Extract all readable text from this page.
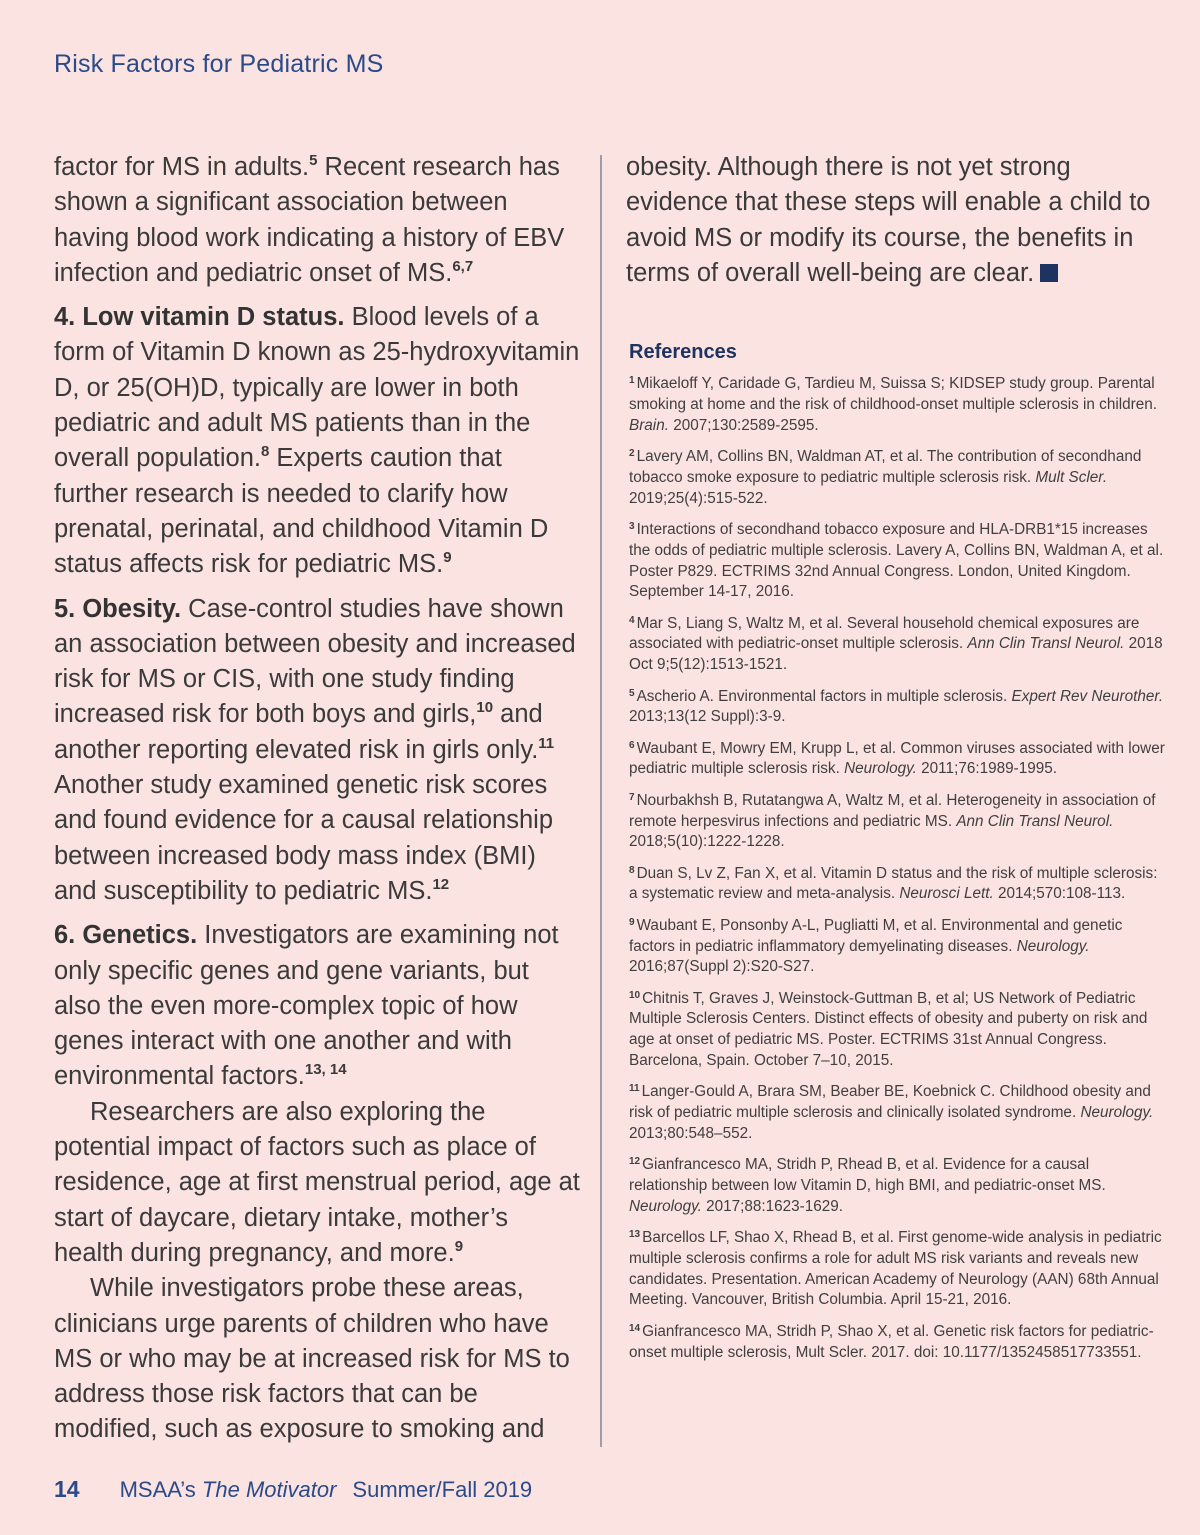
Risk Factors for Pediatric MS

factor for MS in adults.$^5$ Recent research has shown a significant association between having blood work indicating a history of EBV infection and pediatric onset of MS.$^{6,7}$

4. Low vitamin D status. Blood levels of a form of Vitamin D known as 25-hydroxyvitamin D, or 25(OH)D, typically are lower in both pediatric and adult MS patients than in the overall population.$^8$ Experts caution that further research is needed to clarify how prenatal, perinatal, and childhood Vitamin D status affects risk for pediatric MS.$^9$

5. Obesity. Case-control studies have shown an association between obesity and increased risk for MS or CIS, with one study finding increased risk for both boys and girls,$^{10}$ and another reporting elevated risk in girls only.$^{11}$ Another study examined genetic risk scores and found evidence for a causal relationship between increased body mass index (BMI) and susceptibility to pediatric MS.$^{12}$

6. Genetics. Investigators are examining not only specific genes and gene variants, but also the even more-complex topic of how genes interact with one another and with environmental factors.$^{13, 14}$

Researchers are also exploring the potential impact of factors such as place of residence, age at first menstrual period, age at start of daycare, dietary intake, mother’s health during pregnancy, and more.$^9$

While investigators probe these areas, clinicians urge parents of children who have MS or who may be at increased risk for MS to address those risk factors that can be modified, such as exposure to smoking and

obesity. Although there is not yet strong evidence that these steps will enable a child to avoid MS or modify its course, the benefits in terms of overall well-being are clear.

References
$^1$ Mikaeloff Y, Caridade G, Tardieu M, Suissa S; KIDSEP study group. Parental smoking at home and the risk of childhood-onset multiple sclerosis in children. Brain. 2007;130:2589-2595.
$^2$ Lavery AM, Collins BN, Waldman AT, et al. The contribution of secondhand tobacco smoke exposure to pediatric multiple sclerosis risk. Mult Scler. 2019;25(4):515-522.
$^3$ Interactions of secondhand tobacco exposure and HLA-DRB1*15 increases the odds of pediatric multiple sclerosis. Lavery A, Collins BN, Waldman A, et al. Poster P829. ECTRIMS 32nd Annual Congress. London, United Kingdom. September 14-17, 2016.
$^4$ Mar S, Liang S, Waltz M, et al. Several household chemical exposures are associated with pediatric-onset multiple sclerosis. Ann Clin Transl Neurol. 2018 Oct 9;5(12):1513-1521.
$^5$ Ascherio A. Environmental factors in multiple sclerosis. Expert Rev Neurother. 2013;13(12 Suppl):3-9.
$^6$ Waubant E, Mowry EM, Krupp L, et al. Common viruses associated with lower pediatric multiple sclerosis risk. Neurology. 2011;76:1989-1995.
$^7$ Nourbakhsh B, Rutatangwa A, Waltz M, et al. Heterogeneity in association of remote herpesvirus infections and pediatric MS. Ann Clin Transl Neurol. 2018;5(10):1222-1228.
$^8$ Duan S, Lv Z, Fan X, et al. Vitamin D status and the risk of multiple sclerosis: a systematic review and meta-analysis. Neurosci Lett. 2014;570:108-113.
$^9$ Waubant E, Ponsonby A-L, Pugliatti M, et al. Environmental and genetic factors in pediatric inflammatory demyelinating diseases. Neurology. 2016;87(Suppl 2):S20-S27.
$^{10}$ Chitnis T, Graves J, Weinstock-Guttman B, et al; US Network of Pediatric Multiple Sclerosis Centers. Distinct effects of obesity and puberty on risk and age at onset of pediatric MS. Poster. ECTRIMS 31st Annual Congress. Barcelona, Spain. October 7–10, 2015.
$^{11}$ Langer-Gould A, Brara SM, Beaber BE, Koebnick C. Childhood obesity and risk of pediatric multiple sclerosis and clinically isolated syndrome. Neurology. 2013;80:548–552.
$^{12}$ Gianfrancesco MA, Stridh P, Rhead B, et al. Evidence for a causal relationship between low Vitamin D, high BMI, and pediatric-onset MS. Neurology. 2017;88:1623-1629.
$^{13}$ Barcellos LF, Shao X, Rhead B, et al. First genome-wide analysis in pediatric multiple sclerosis confirms a role for adult MS risk variants and reveals new candidates. Presentation. American Academy of Neurology (AAN) 68th Annual Meeting. Vancouver, British Columbia. April 15-21, 2016.
$^{14}$ Gianfrancesco MA, Stridh P, Shao X, et al. Genetic risk factors for pediatric-onset multiple sclerosis, Mult Scler. 2017. doi: 10.1177/1352458517733551.
14 MSAA’s The Motivator Summer/Fall 2019
